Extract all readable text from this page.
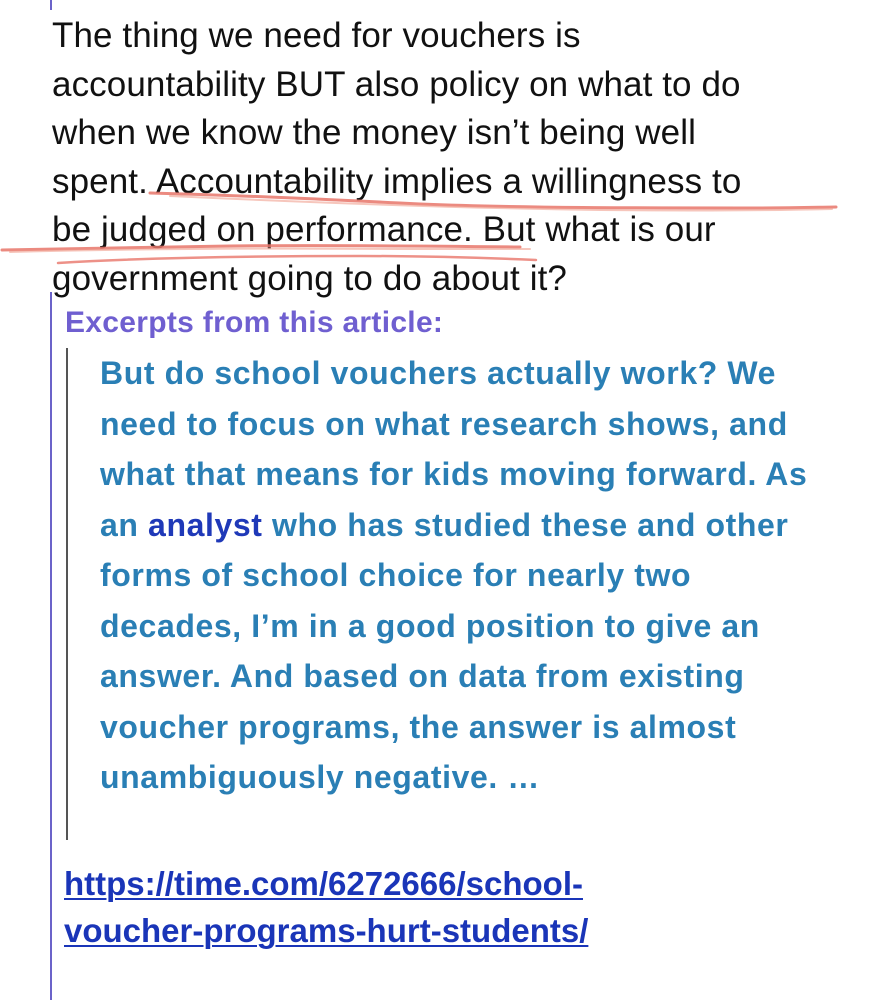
The thing we need for vouchers is
accountability BUT also policy on what to do
when we know the money isn’t being well
spent. Accountability implies a willingness to
be judged on performance. But what is our
government going to do about it?
Excerpts from this article:

But do school vouchers actually work? We need to focus on what research shows, and what that means for kids moving forward. As an analyst who has studied these and other forms of school choice for nearly two decades, I’m in a good position to give an answer. And based on data from existing voucher programs, the answer is almost unambiguously negative. …

https://time.com/6272666/school-
voucher-programs-hurt-students/
